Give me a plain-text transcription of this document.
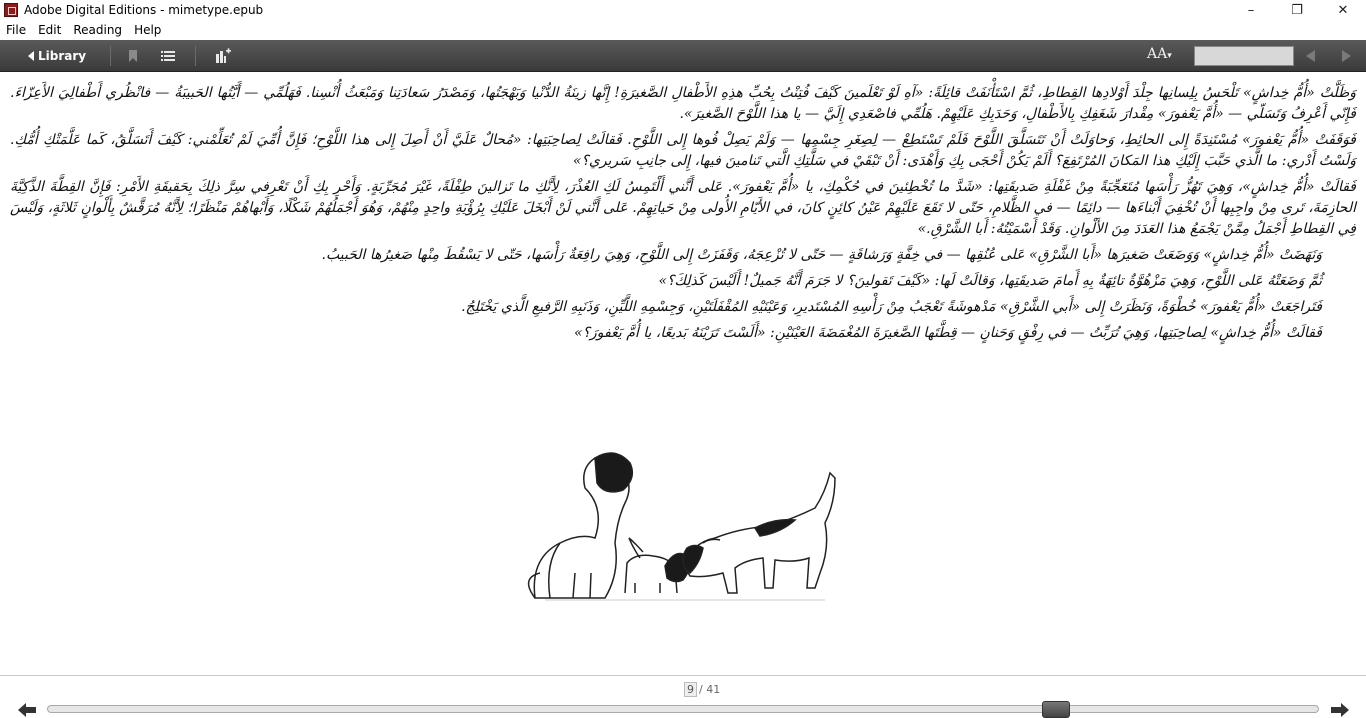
Adobe Digital Editions - mimetype.epub	–	❐	✕
File Edit Reading Help
Library	AA▾

وَظَلَّتْ «أُمُّ خِداشٍ» تَلْحَسُ بِلِسانِها جِلْدَ أَوْلادِها القِطاطِ، ثُمَّ اسْتَأْنَفَتْ قائِلَةً: «آهِ لَوْ تَعْلَمينَ كَيْفَ فُتِنْتُ بِحُبِّ هذِهِ الأَطْفالِ الصَّغيرَةِ! إِنَّها زينَةُ الدُّنْيا وَبَهْجَتُها، وَمَصْدَرُ سَعادَتِنا وَمَبْعَثُ أُنْسِنا. فَهَلُمِّي — أَيَّتُها الحَبيبَةُ — فانْظُري أَطْفالِيَ الأَعِزّاءَ. فَإِنّي أَعْرِفُ وَتَسَلّي — «أُمَّ يَعْفورَ» مِقْدارَ شَغَفِكِ بِالأَطْفالِ، وَحَدَبِكِ عَلَيْهِمْ. هَلُمِّي فاصْعَدِي إِلَيَّ — يا هذا اللَّوْحَ الصَّغيرَ».

فَوَقَفَتْ «أُمُّ يَعْفورَ» مُسْتَنِدَةً إِلى الحائِطِ، وَحاوَلَتْ أَنْ تَتَسَلَّقَ اللَّوْحَ فَلَمْ تَسْتَطِعْ — لِصِغَرِ جِسْمِها — وَلَمْ يَصِلْ فُوها إِلى اللَّوْحِ. فَقالَتْ لِصاحِبَتِها: «مُحالٌ عَلَيَّ أَنْ أَصِلَ إِلى هذا اللَّوْحِ؛ فَإِنَّ أُمِّيَ لَمْ تُعَلِّمْني: كَيْفَ أَتَسَلَّقُ، كَما عَلَّمَتْكِ أُمُّكِ. وَلَسْتُ أَدْري: ما الَّذي حَبَّبَ إِلَيْكِ هذا المَكانَ المُرْتَفِعَ؟ أَلَمْ يَكُنْ أَحْجَى بِكِ وَأَهْدَى: أَنْ تَبْقَيْ في سَلَّتِكِ الَّتي تَنامينَ فيها، إِلى جانِبِ سَريري؟»

فَقالَتْ «أُمُّ خِداشٍ»، وَهِيَ تَهُزُّ رَأْسَها مُتَعَجِّبَةً مِنْ غَفْلَةِ صَديقَتِها: «شَدَّ ما تُخْطِئينَ في حُكْمِكِ، يا «أُمَّ يَعْفورَ». عَلى أَنَّني أَلْتَمِسُ لَكِ العُذْرَ، لِأَنَّكِ ما تَزالينَ طِفْلَةً، غَيْرَ مُجَرِّبَةٍ. وَأَحْرِ بِكِ أَنْ تَعْرِفي سِرَّ ذلِكَ بِحَقيقَةِ الأَمْرِ: فَإِنَّ القِطَّةَ الذَّكِيَّةَ الحازِمَةَ، تَرى مِنْ واجِبِها أَنْ تُخْفِيَ أَبْناءَها — دائِمًا — في الظَّلامِ، حَتّى لا تَقَعَ عَلَيْهِمْ عَيْنُ كائِنٍ كانَ، في الأَيّامِ الأُولى مِنْ حَياتِهِمْ. عَلى أَنَّني لَنْ أَبْخَلَ عَلَيْكِ بِرُؤْيَةِ واحِدٍ مِنْهُمْ، وَهُوَ أَجْمَلُهُمْ شَكْلًا، وَأَبْهاهُمْ مَنْظَرًا؛ لِأَنَّهُ مُرَقَّشٌ بِأَلْوانٍ ثَلاثَةٍ، وَلَيْسَ فِي القِطاطِ أَجْمَلُ مِمَّنْ يَجْمَعُ هذا العَدَدَ مِنَ الأَلْوانِ. وَقَدْ أَسْمَيْتُهُ: أَبا الشَّرْقِ.»

وَنَهَضَتْ «أُمُّ خِداشٍ» وَوَضَعَتْ صَغيرَها «أَبا الشَّرْقِ» عَلى عُنُقِها — في خِفَّةٍ وَرَشاقَةٍ — حَتّى لا تُزْعِجَهُ، وَقَفَزَتْ إِلى اللَّوْحِ، وَهِيَ رافِعَةٌ رَأْسَها، حَتّى لا يَسْقُطَ مِنْها صَغيرُها الحَبيبُ.

ثُمَّ وَضَعَتْهُ عَلى اللَّوْحِ، وَهِيَ مَزْهُوَّةٌ تائِهَةٌ بِهِ أَمامَ صَديقَتِها، وَقالَتْ لَها: «كَيْفَ تَقولينَ؟ لا جَرَمَ أَنَّهُ جَميلٌ! أَلَيْسَ كَذلِكَ؟»

فَتَراجَعَتْ «أُمُّ يَعْفورَ» خُطْوَةً، وَنَظَرَتْ إِلى «أَبي الشَّرْقِ» مَدْهوشَةً تَعْجَبُ مِنْ رَأْسِهِ المُسْتَديرِ، وَعَيْنَيْهِ المُقْفَلَتَيْنِ، وَجِسْمِهِ اللَّيِّنِ، وَذَنَبِهِ الرَّفيعِ الَّذي يَخْتَلِجُ.

فَقالَتْ «أُمُّ خِداشٍ» لِصاحِبَتِها، وَهِيَ تُرَبِّتُ — في رِفْقٍ وَحَنانٍ — قِطَّتَها الصَّغيرَةَ المُغْمَضَةَ العَيْنَيْنِ: «أَلَسْتَ تَرَيْنَهُ بَديعًا، يا أُمَّ يَعْفورَ؟»

9 / 41
